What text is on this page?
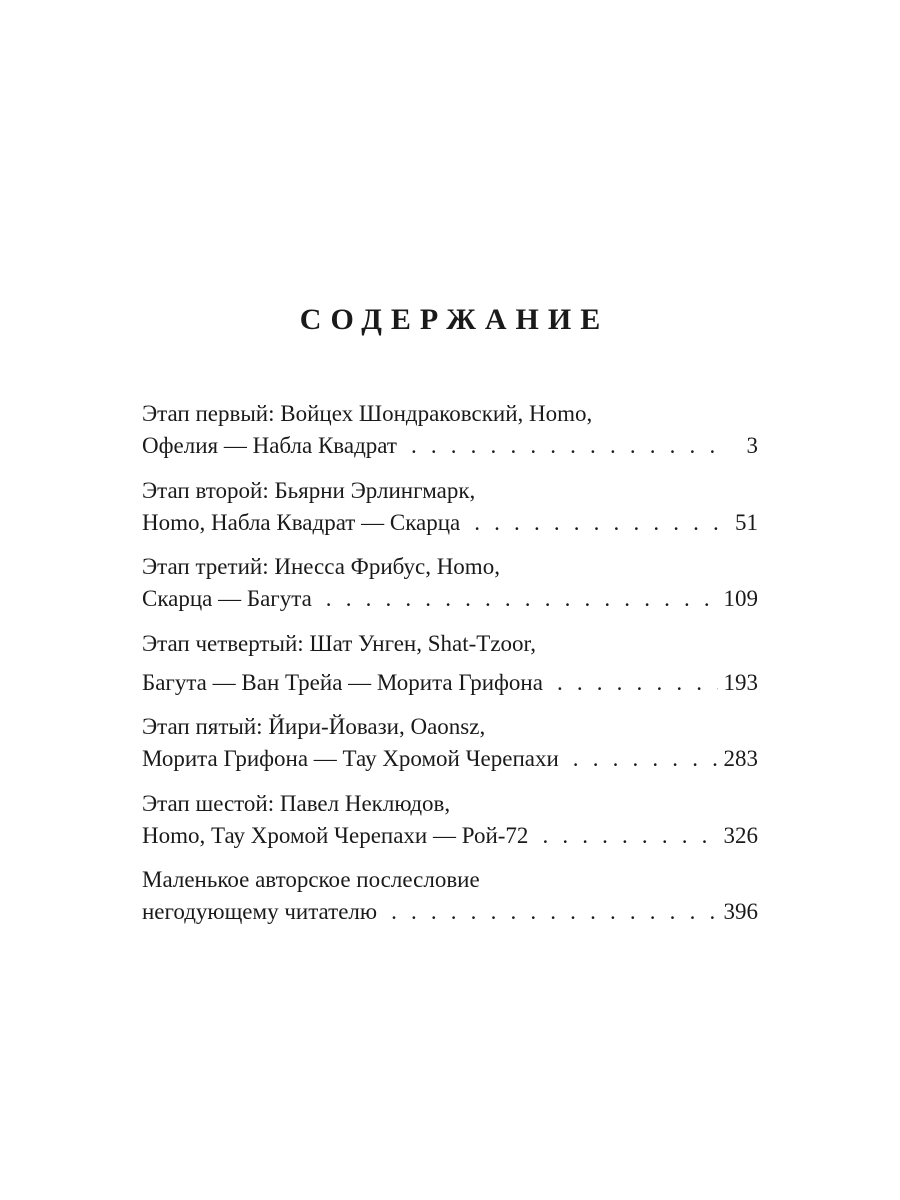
СОДЕРЖАНИЕ
Этап первый: Войцех Шондраковский, Homo,
Офелия — Набла Квадрат . . .	3
Этап второй: Бьярни Эрлингмарк,
Homo, Набла Квадрат — Скарца . . .	51
Этап третий: Инесса Фрибус, Homo,
Скарца — Багута . . .	109
Этап четвертый: Шат Унген, Shat-Tzoor,
Багута — Ван Трейа — Морита Грифона . . .	193
Этап пятый: Йири-Йовази, Oaonsz,
Морита Грифона — Тау Хромой Черепахи . . .	283
Этап шестой: Павел Неклюдов,
Homo, Тау Хромой Черепахи — Рой-72 . . .	326
Маленькое авторское послесловие
негодующему читателю . . .	396
